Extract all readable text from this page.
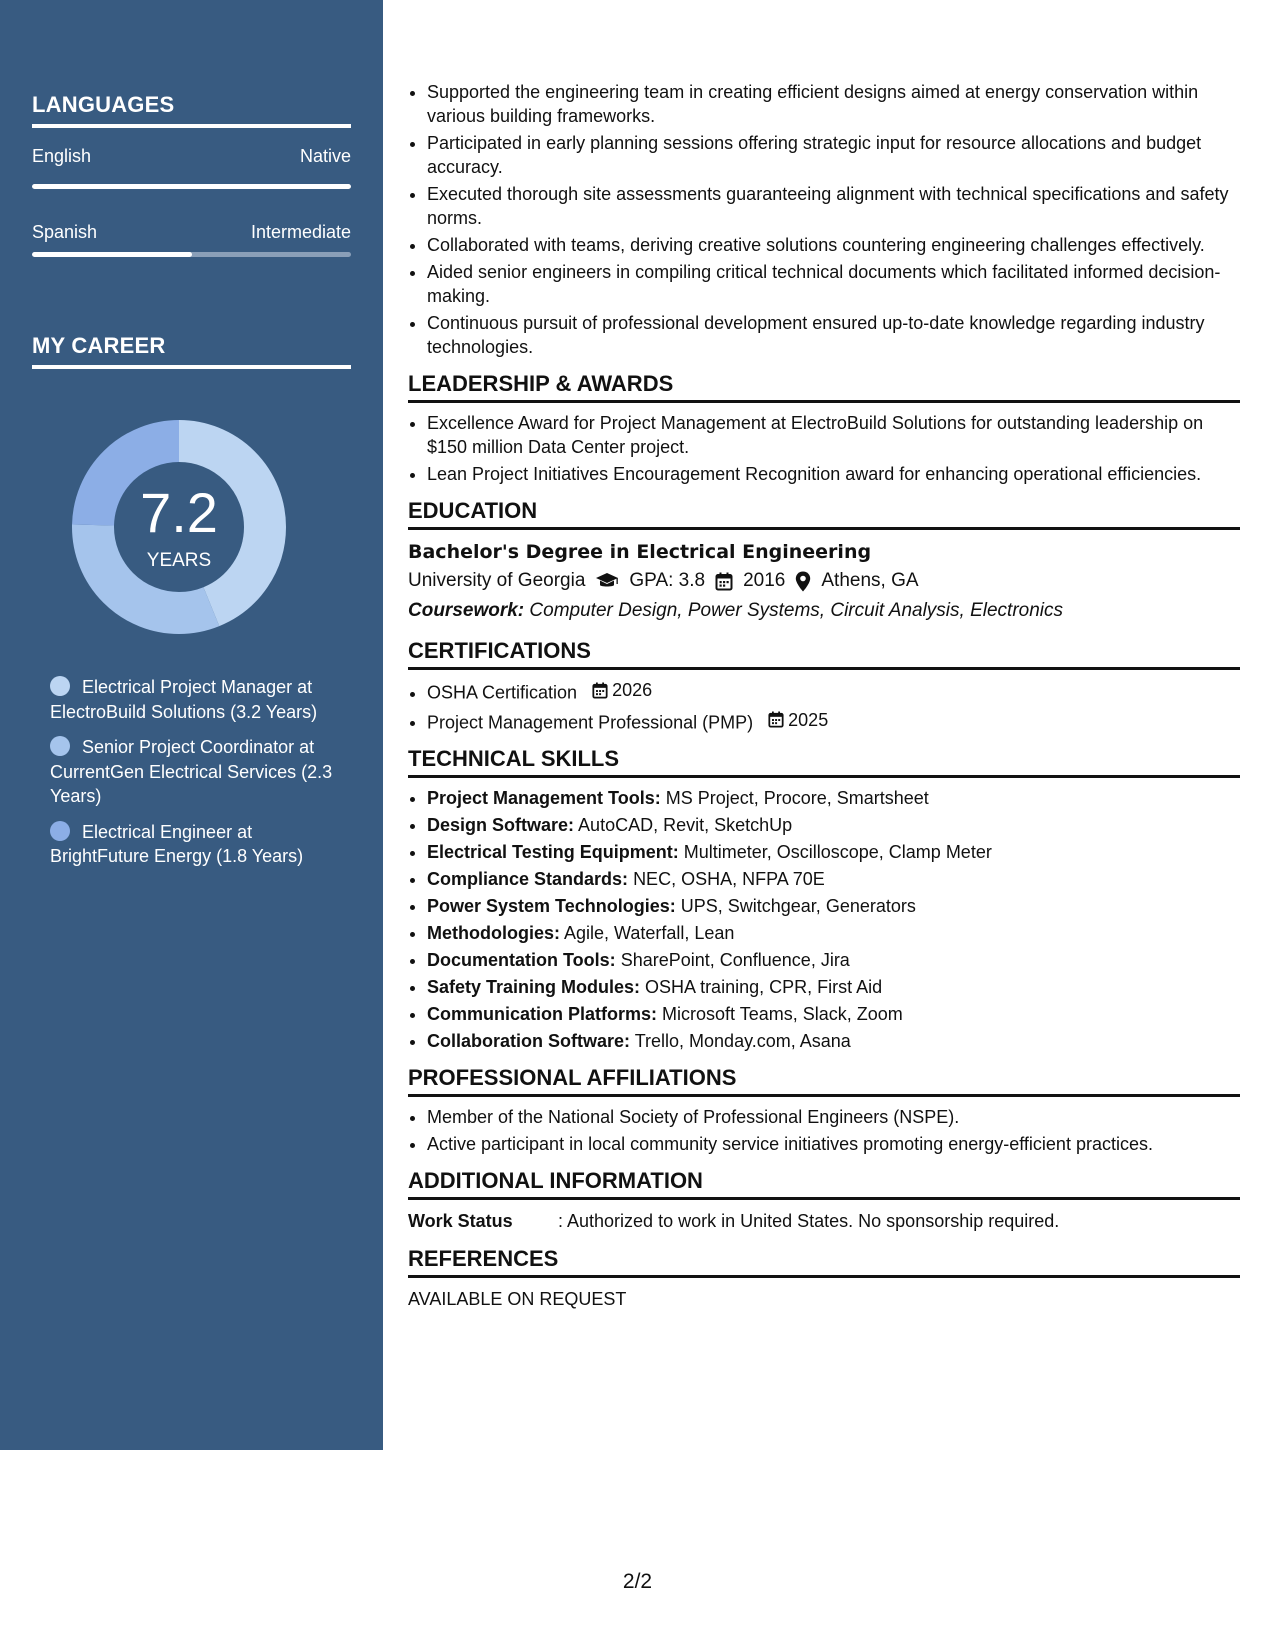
LANGUAGES
English	Native
Spanish	Intermediate
MY CAREER
7.2
YEARS
Electrical Project Manager at ElectroBuild Solutions (3.2 Years)
Senior Project Coordinator at CurrentGen Electrical Services (2.3 Years)
Electrical Engineer at BrightFuture Energy (1.8 Years)
• Supported the engineering team in creating efficient designs aimed at energy conservation within various building frameworks.
• Participated in early planning sessions offering strategic input for resource allocations and budget accuracy.
• Executed thorough site assessments guaranteeing alignment with technical specifications and safety norms.
• Collaborated with teams, deriving creative solutions countering engineering challenges effectively.
• Aided senior engineers in compiling critical technical documents which facilitated informed decision-making.
• Continuous pursuit of professional development ensured up-to-date knowledge regarding industry technologies.
LEADERSHIP & AWARDS
• Excellence Award for Project Management at ElectroBuild Solutions for outstanding leadership on $150 million Data Center project.
• Lean Project Initiatives Encouragement Recognition award for enhancing operational efficiencies.
EDUCATION
Bachelor's Degree in Electrical Engineering
University of Georgia GPA: 3.8 2016 Athens, GA
Coursework: Computer Design, Power Systems, Circuit Analysis, Electronics
CERTIFICATIONS
• OSHA Certification 2026
• Project Management Professional (PMP) 2025
TECHNICAL SKILLS
• Project Management Tools: MS Project, Procore, Smartsheet
• Design Software: AutoCAD, Revit, SketchUp
• Electrical Testing Equipment: Multimeter, Oscilloscope, Clamp Meter
• Compliance Standards: NEC, OSHA, NFPA 70E
• Power System Technologies: UPS, Switchgear, Generators
• Methodologies: Agile, Waterfall, Lean
• Documentation Tools: SharePoint, Confluence, Jira
• Safety Training Modules: OSHA training, CPR, First Aid
• Communication Platforms: Microsoft Teams, Slack, Zoom
• Collaboration Software: Trello, Monday.com, Asana
PROFESSIONAL AFFILIATIONS
• Member of the National Society of Professional Engineers (NSPE).
• Active participant in local community service initiatives promoting energy-efficient practices.
ADDITIONAL INFORMATION
Work Status	: Authorized to work in United States. No sponsorship required.
REFERENCES
AVAILABLE ON REQUEST
2/2
